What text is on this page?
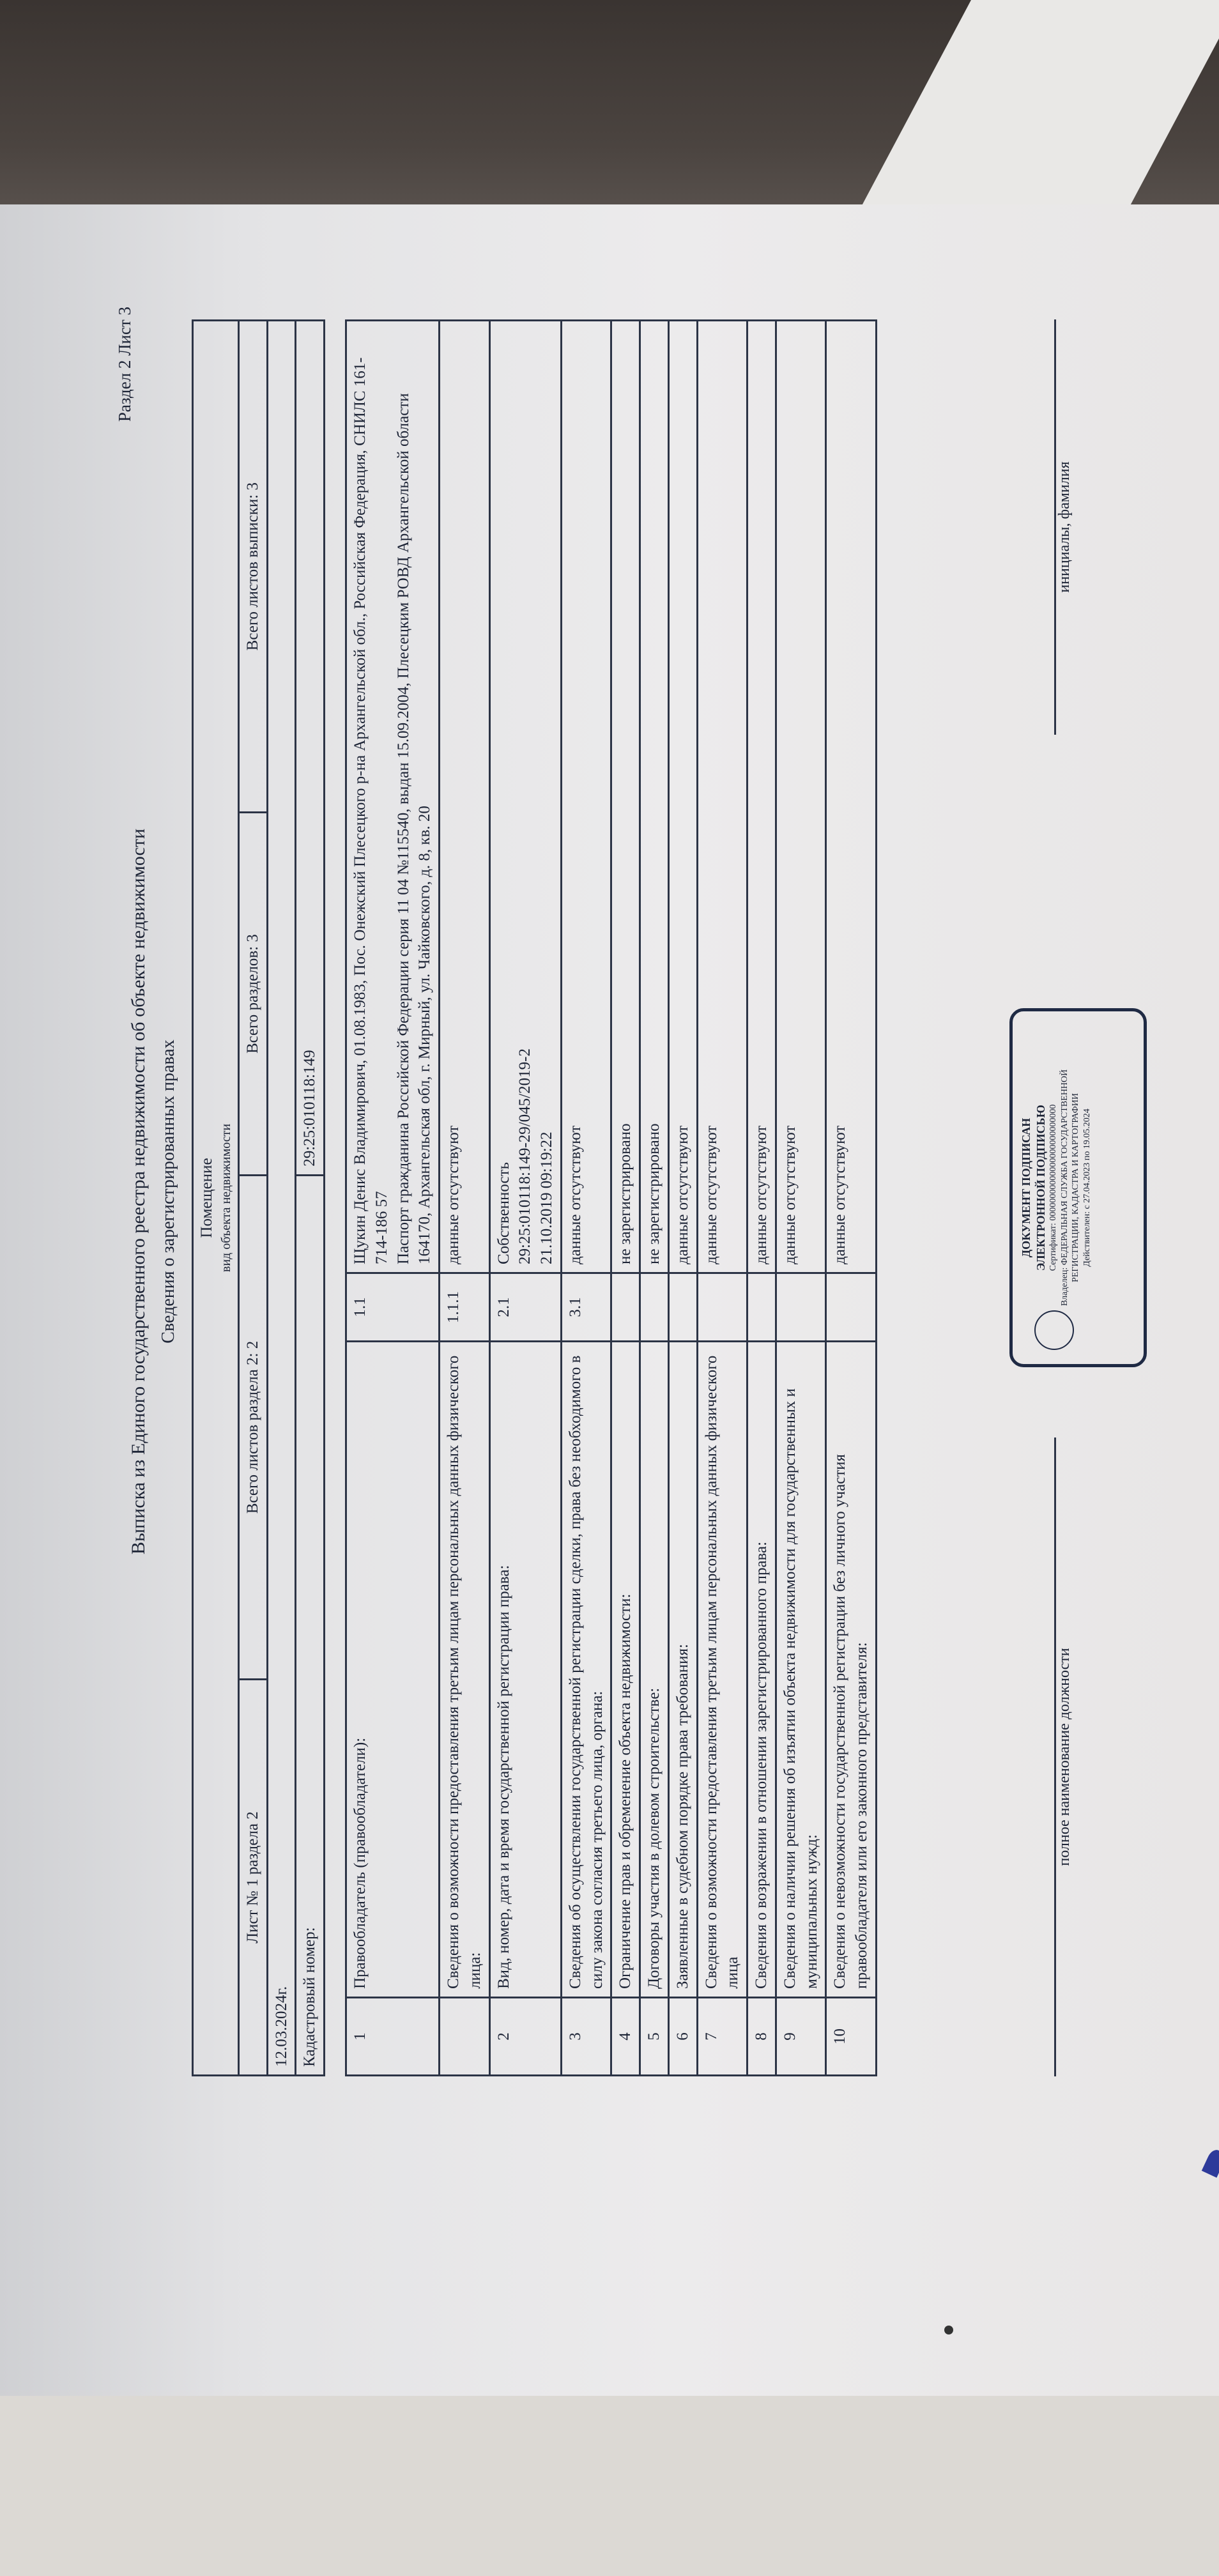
Раздел 2 Лист 3
Выписка из Единого государственного реестра недвижимости об объекте недвижимости Сведения о зарегистрированных правах Помещение вид объекта недвижимости			

Лист № 1 раздела 2	Всего листов раздела 2: 2	Всего разделов: 3	Всего листов выписки: 3
12.03.2024г.			
Кадастровый номер:		29:25:010118:149	
1	Правообладатель (правообладатели):	1.1	Щукин Денис Владимирович, 01.08.1983, Пос. Онежский Плесецкого р-на Архангельской обл., Российская Федерация, СНИЛС 161-714-186 57
Паспорт гражданина Российской Федерации серия 11 04 №115540, выдан 15.09.2004, Плесецким РОВД Архангельской области
164170, Архангельская обл, г. Мирный, ул. Чайковского, д. 8, кв. 20
	Сведения о возможности предоставления третьим лицам персональных данных физического лица:	1.1.1	данные отсутствуют
2	Вид, номер, дата и время государственной регистрации права:	2.1	Собственность
29:25:010118:149-29/045/2019-2
21.10.2019 09:19:22
3	Сведения об осуществлении государственной регистрации сделки, права без необходимого в силу закона согласия третьего лица, органа:	3.1	данные отсутствуют
4	Ограничение прав и обременение объекта недвижимости:		не зарегистрировано
5	Договоры участия в долевом строительстве:		не зарегистрировано
6	Заявленные в судебном порядке права требования:		данные отсутствуют
7	Сведения о возможности предоставления третьим лицам персональных данных физического лица		данные отсутствуют
8	Сведения о возражении в отношении зарегистрированного права:		данные отсутствуют
9	Сведения о наличии решения об изъятии объекта недвижимости для государственных и муниципальных нужд:		данные отсутствуют
10	Сведения о невозможности государственной регистрации без личного участия правообладателя или его законного представителя:		данные отсутствуют	ДОКУМЕНТ ПОДПИСАН ЭЛЕКТРОННОЙ ПОДПИСЬЮ Сертификат: 00000000000000000000000000 Владелец: ФЕДЕРАЛЬНАЯ СЛУЖБА ГОСУДАРСТВЕННОЙ РЕГИСТРАЦИИ, КАДАСТРА И КАРТОГРАФИИ Действителен: с 27.04.2023 по 19.05.2024
полное наименование должности
инициалы, фамилия
